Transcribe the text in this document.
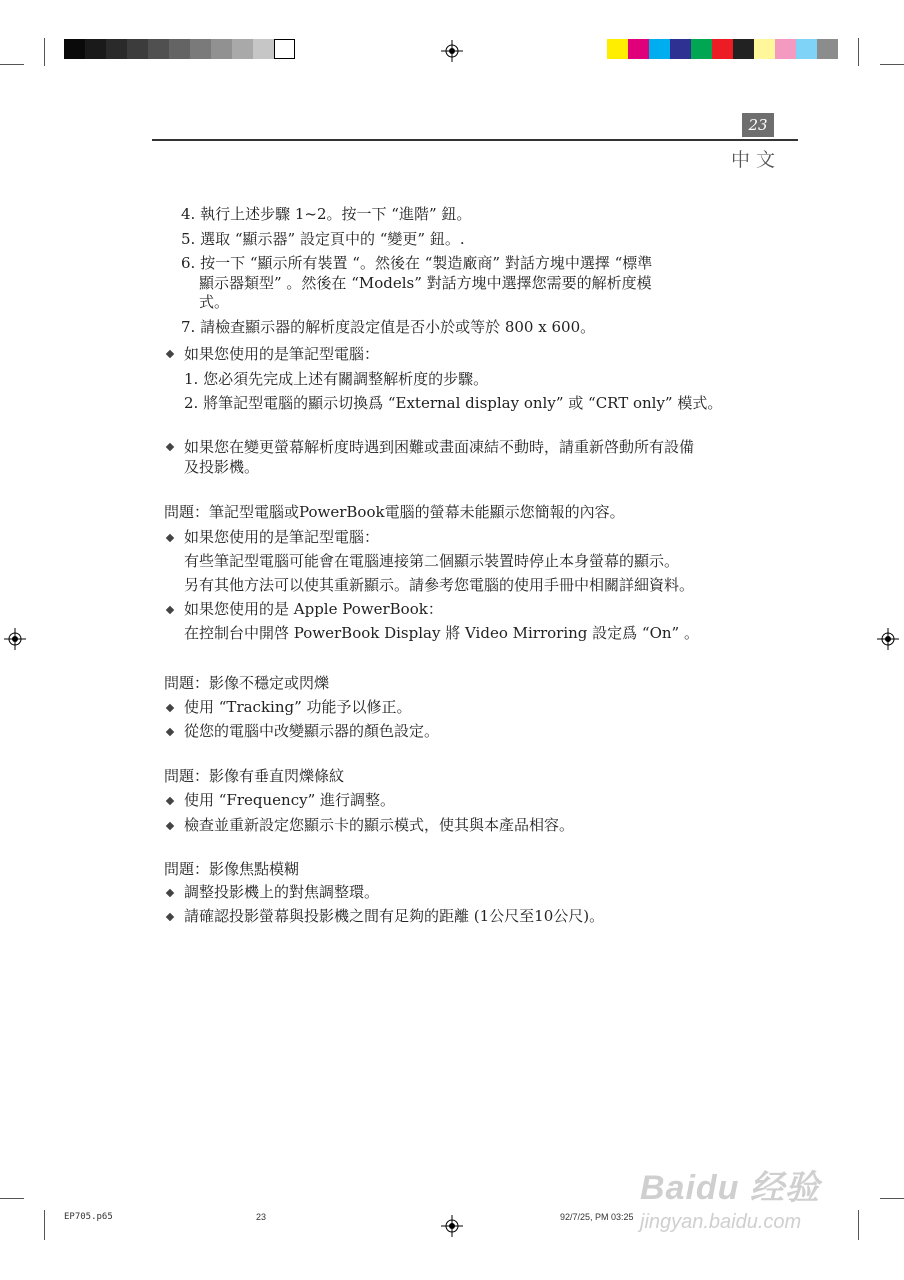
23
中文
4. 執行上述步驟 1~2。按一下 “進階” 鈕。
5. 選取 “顯示器” 設定頁中的 “變更” 鈕。.
6. 按一下 “顯示所有裝置 “。然後在 “製造廠商” 對話方塊中選擇 “標準
顯示器類型” 。然後在 “Models” 對話方塊中選擇您需要的解析度模
式。
7. 請檢查顯示器的解析度設定值是否小於或等於 800 x 600。
如果您使用的是筆記型電腦：
1. 您必須先完成上述有關調整解析度的步驟。
2. 將筆記型電腦的顯示切換爲 “External display only” 或 “CRT only” 模式。
如果您在變更螢幕解析度時遇到困難或畫面凍結不動時，請重新啓動所有設備
及投影機。
問題：筆記型電腦或PowerBook電腦的螢幕未能顯示您簡報的內容。
如果您使用的是筆記型電腦：
有些筆記型電腦可能會在電腦連接第二個顯示裝置時停止本身螢幕的顯示。
另有其他方法可以使其重新顯示。請參考您電腦的使用手冊中相關詳細資料。
如果您使用的是 Apple PowerBook：
在控制台中開啓 PowerBook Display 將 Video Mirroring 設定爲 “On” 。
問題：影像不穩定或閃爍
使用 “Tracking” 功能予以修正。
從您的電腦中改變顯示器的顏色設定。
問題：影像有垂直閃爍條紋
使用 “Frequency” 進行調整。
檢查並重新設定您顯示卡的顯示模式，使其與本產品相容。
問題：影像焦點模糊
調整投影機上的對焦調整環。
請確認投影螢幕與投影機之間有足夠的距離 (1公尺至10公尺)。
EP705.p65	23	92/7/25, PM 03:25
Baidu 经验
jingyan.baidu.com
